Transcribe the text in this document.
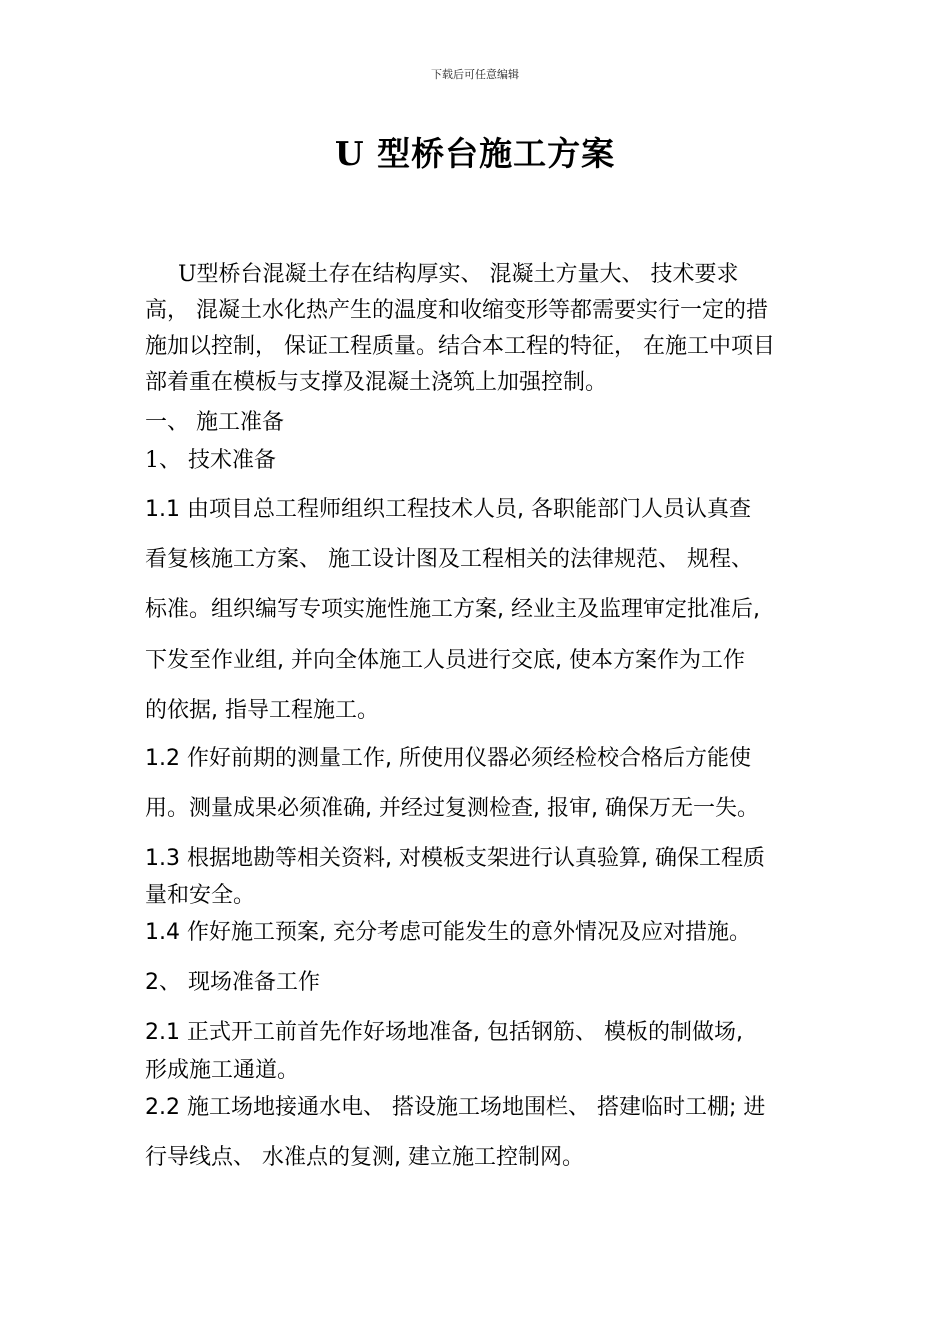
下载后可任意编辑
U 型桥台施工方案
U型桥台混凝土存在结构厚实、 混凝土方量大、 技术要求
高， 混凝土水化热产生的温度和收缩变形等都需要实行一定的措
施加以控制， 保证工程质量。结合本工程的特征， 在施工中项目
部着重在模板与支撑及混凝土浇筑上加强控制。
一、 施工准备
1、 技术准备
1.1 由项目总工程师组织工程技术人员, 各职能部门人员认真查
看复核施工方案、 施工设计图及工程相关的法律规范、 规程、
标准。组织编写专项实施性施工方案, 经业主及监理审定批准后,
下发至作业组, 并向全体施工人员进行交底, 使本方案作为工作
的依据, 指导工程施工。
1.2 作好前期的测量工作, 所使用仪器必须经检校合格后方能使
用。测量成果必须准确, 并经过复测检查, 报审, 确保万无一失。
1.3 根据地勘等相关资料, 对模板支架进行认真验算, 确保工程质
量和安全。
1.4 作好施工预案, 充分考虑可能发生的意外情况及应对措施。
2、 现场准备工作
2.1 正式开工前首先作好场地准备, 包括钢筋、 模板的制做场,
形成施工通道。
2.2 施工场地接通水电、 搭设施工场地围栏、 搭建临时工棚; 进
行导线点、 水准点的复测, 建立施工控制网。
